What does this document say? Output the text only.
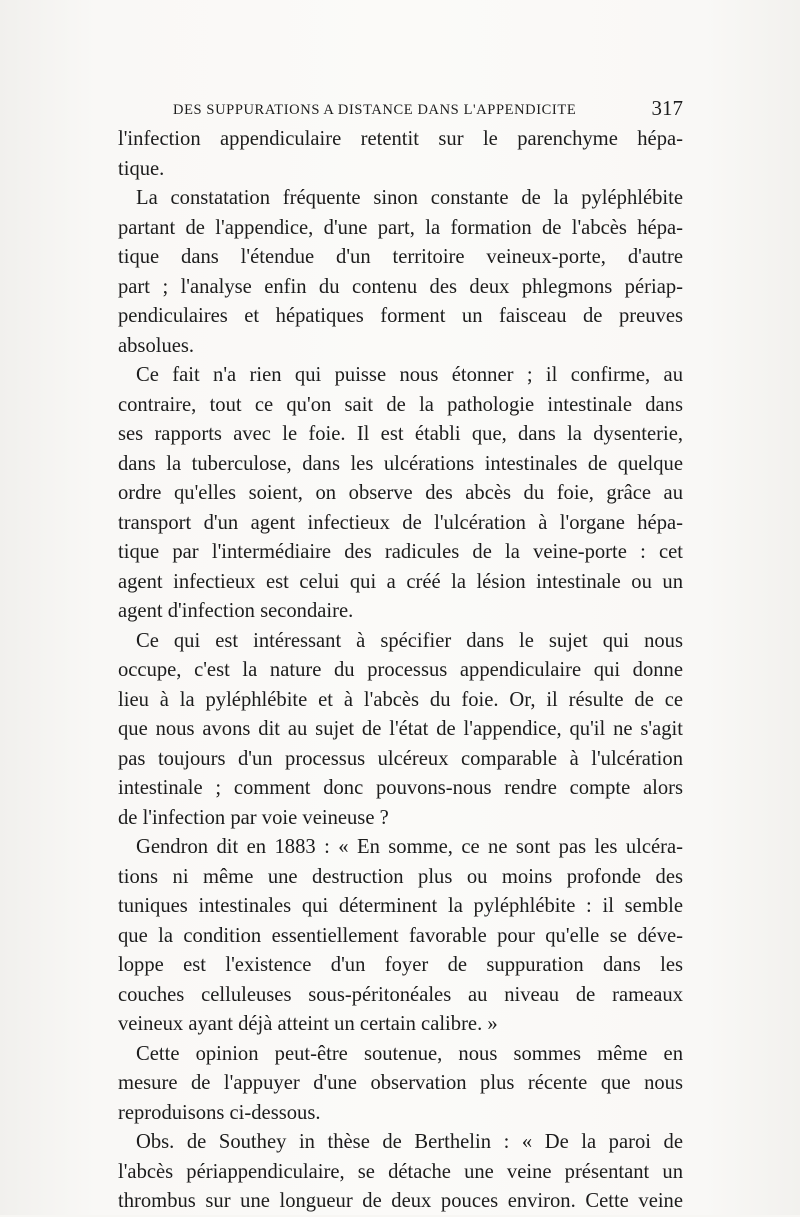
DES SUPPURATIONS A DISTANCE DANS L'APPENDICITE	317
l'infection appendiculaire retentit sur le parenchyme hépa-
tique.
La constatation fréquente sinon constante de la pyléphlébite
partant de l'appendice, d'une part, la formation de l'abcès hépa-
tique dans l'étendue d'un territoire veineux-porte, d'autre
part ; l'analyse enfin du contenu des deux phlegmons périap-
pendiculaires et hépatiques forment un faisceau de preuves
absolues.
Ce fait n'a rien qui puisse nous étonner ; il confirme, au
contraire, tout ce qu'on sait de la pathologie intestinale dans
ses rapports avec le foie. Il est établi que, dans la dysenterie,
dans la tuberculose, dans les ulcérations intestinales de quelque
ordre qu'elles soient, on observe des abcès du foie, grâce au
transport d'un agent infectieux de l'ulcération à l'organe hépa-
tique par l'intermédiaire des radicules de la veine-porte : cet
agent infectieux est celui qui a créé la lésion intestinale ou un
agent d'infection secondaire.
Ce qui est intéressant à spécifier dans le sujet qui nous
occupe, c'est la nature du processus appendiculaire qui donne
lieu à la pyléphlébite et à l'abcès du foie. Or, il résulte de ce
que nous avons dit au sujet de l'état de l'appendice, qu'il ne s'agit
pas toujours d'un processus ulcéreux comparable à l'ulcération
intestinale ; comment donc pouvons-nous rendre compte alors
de l'infection par voie veineuse ?
Gendron dit en 1883 : « En somme, ce ne sont pas les ulcéra-
tions ni même une destruction plus ou moins profonde des
tuniques intestinales qui déterminent la pyléphlébite : il semble
que la condition essentiellement favorable pour qu'elle se déve-
loppe est l'existence d'un foyer de suppuration dans les
couches celluleuses sous-péritonéales au niveau de rameaux
veineux ayant déjà atteint un certain calibre. »
Cette opinion peut-être soutenue, nous sommes même en
mesure de l'appuyer d'une observation plus récente que nous
reproduisons ci-dessous.
Obs. de Southey in thèse de Berthelin : « De la paroi de
l'abcès périappendiculaire, se détache une veine présentant un
thrombus sur une longueur de deux pouces environ. Cette veine
